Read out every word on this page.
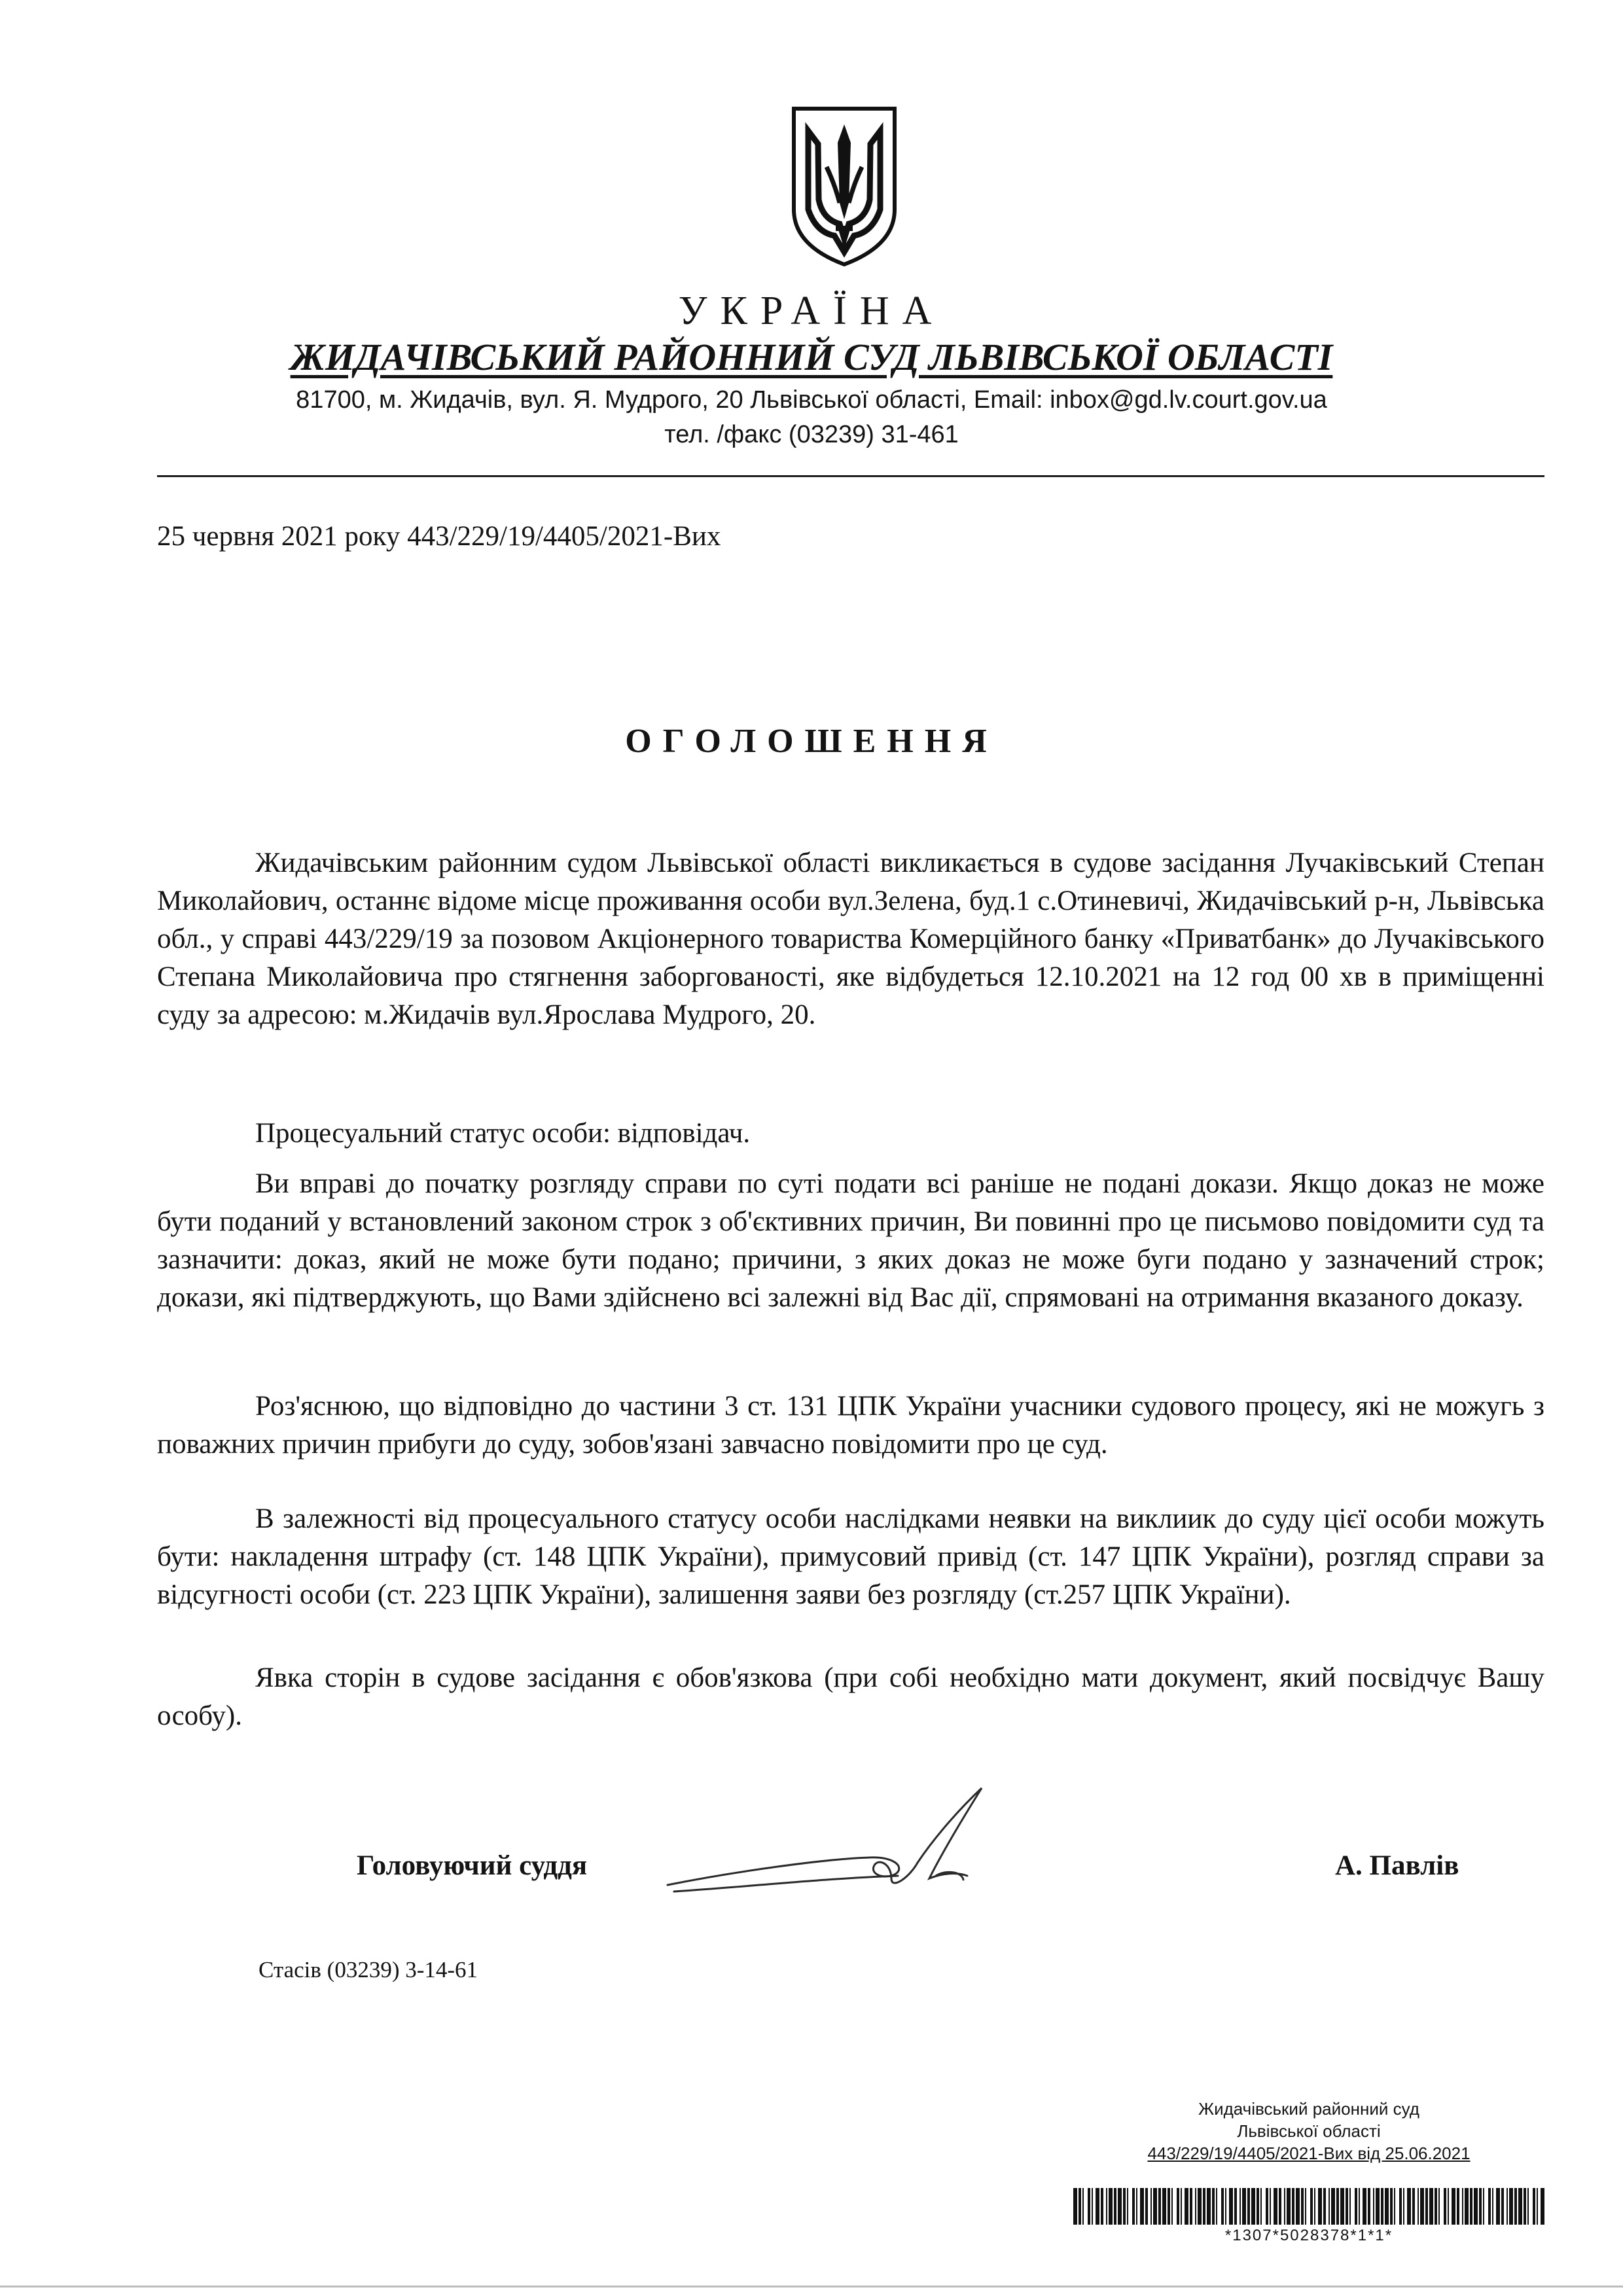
УКРАЇНА
ЖИДАЧІВСЬКИЙ РАЙОННИЙ СУД ЛЬВІВСЬКОЇ ОБЛАСТІ
81700, м. Жидачів, вул. Я. Мудрого, 20 Львівської області, Email: inbox@gd.lv.court.gov.ua
тел. /факс (03239) 31-461
25 червня 2021 року 443/229/19/4405/2021-Вих
ОГОЛОШЕННЯ

Жидачівським районним судом Львівської області викликається в судове засідання Лучаківський Степан Миколайович, останнє відоме місце проживання особи вул.Зелена, буд.1 с.Отиневичі, Жидачівський р-н, Львівська обл., у справі 443/229/19 за позовом Акціонерного товариства Комерційного банку «Приватбанк» до Лучаківського Степана Миколайовича про стягнення заборгованості, яке відбудеться 12.10.2021 на 12 год 00 хв в приміщенні суду за адресою: м.Жидачів вул.Ярослава Мудрого, 20.

Процесуальний статус особи: відповідач.

Ви вправі до початку розгляду справи по суті подати всі раніше не подані докази. Якщо доказ не може бути поданий у встановлений законом строк з об'єктивних причин, Ви повинні про це письмово повідомити суд та зазначити: доказ, який не може бути подано; причини, з яких доказ не може буги подано у зазначений строк; докази, які підтверджують, що Вами здійснено всі залежні від Вас дії, спрямовані на отримання вказаного доказу.

Роз'яснюю, що відповідно до частини 3 ст. 131 ЦПК України учасники судового процесу, які не можугь з поважних причин прибуги до суду, зобов'язані завчасно повідомити про це суд.

В залежності від процесуального статусу особи наслідками неявки на виклиик до суду цієї особи можуть бути: накладення штрафу (ст. 148 ЦПК України), примусовий привід (ст. 147 ЦПК України), розгляд справи за відсугності особи (ст. 223 ЦПК України), залишення заяви без розгляду (ст.257 ЦПК України).

Явка сторін в судове засідання є обов'язкова (при собі необхідно мати документ, який посвідчує Вашу особу).

Головуючий суддя	А. Павлів
Стасів (03239) 3-14-61
Жидачівський районний суд
Львівської області
443/229/19/4405/2021-Вих від 25.06.2021
*1307*5028378*1*1*
